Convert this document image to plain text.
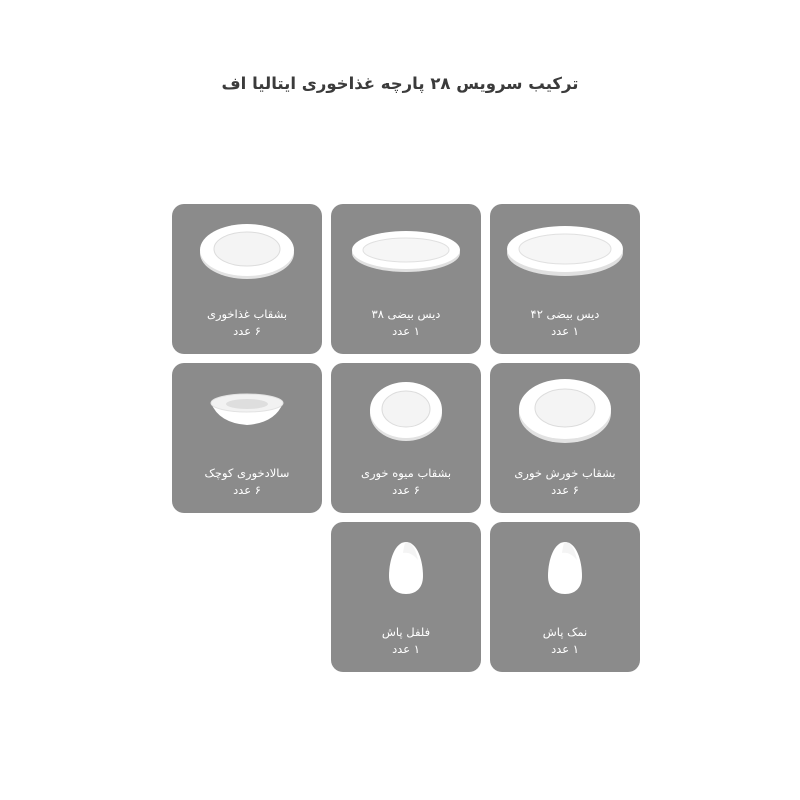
ترکیب سرویس ۲۸ پارچه غذاخوری ایتالیا اف
بشقاب غذاخوری
۶ عدد
دیس بیضی ۳۸
۱ عدد
دیس بیضی ۴۲
۱ عدد
سالادخوری کوچک
۶ عدد
بشقاب میوه خوری
۶ عدد
بشقاب خورش خوری
۶ عدد
فلفل پاش
۱ عدد
نمک پاش
۱ عدد
